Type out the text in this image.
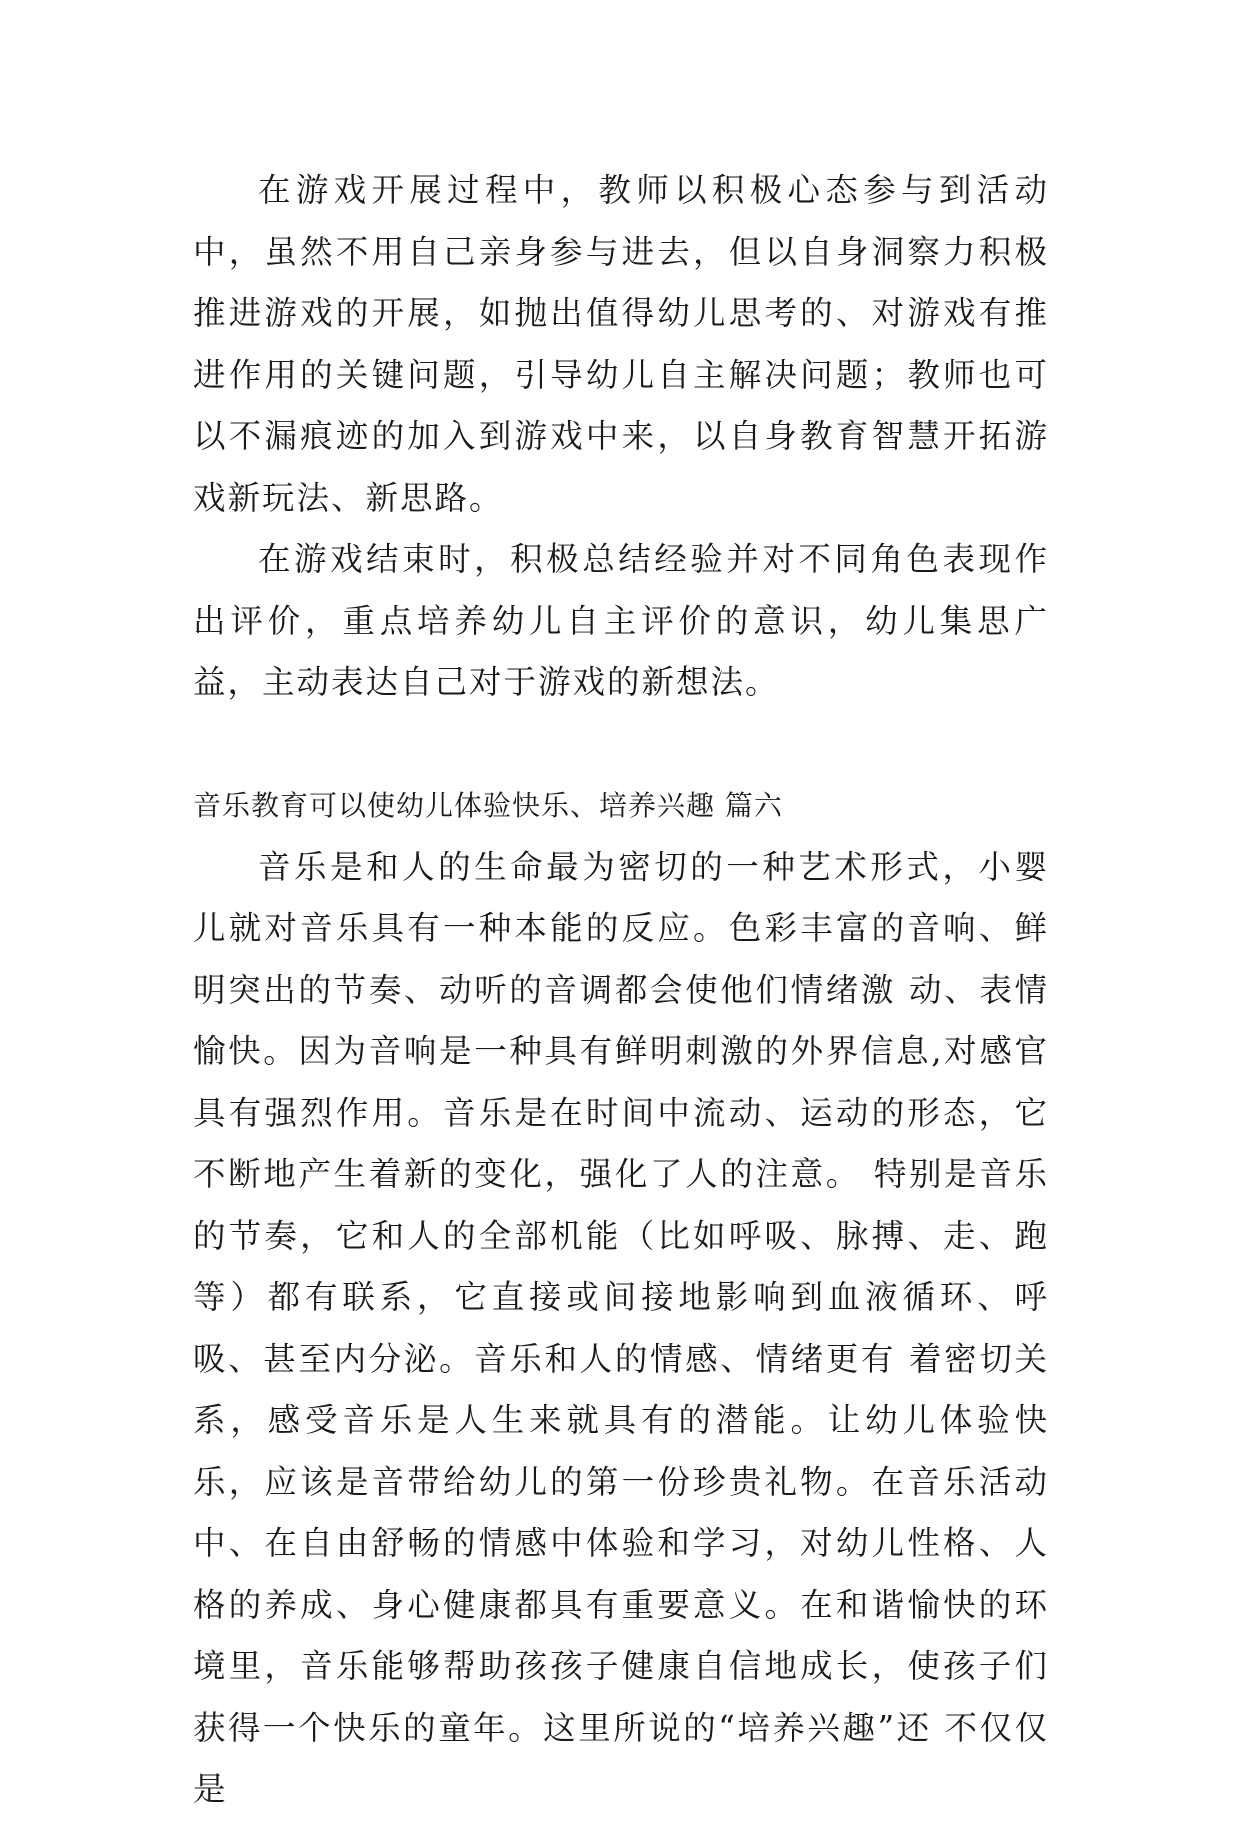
在游戏开展过程中，教师以积极心态参与到活动中，虽然不用自己亲身参与进去，但以自身洞察力积极推进游戏的开展，如抛出值得幼儿思考的、对游戏有推进作用的关键问题，引导幼儿自主解决问题；教师也可以不漏痕迹的加入到游戏中来，以自身教育智慧开拓游戏新玩法、新思路。

在游戏结束时，积极总结经验并对不同角色表现作出评价，重点培养幼儿自主评价的意识，幼儿集思广益，主动表达自己对于游戏的新想法。

音乐教育可以使幼儿体验快乐、培养兴趣 篇六

音乐是和人的生命最为密切的一种艺术形式，小婴儿就对音乐具有一种本能的反应。色彩丰富的音响、鲜明突出的节奏、动听的音调都会使他们情绪激 动、表情愉快。因为音响是一种具有鲜明刺激的外界信息,对感官具有强烈作用。音乐是在时间中流动、运动的形态，它不断地产生着新的变化，强化了人的注意。 特别是音乐的节奏，它和人的全部机能（比如呼吸、脉搏、走、跑等）都有联系，它直接或间接地影响到血液循环、呼吸、甚至内分泌。音乐和人的情感、情绪更有 着密切关系，感受音乐是人生来就具有的潜能。让幼儿体验快乐，应该是音带给幼儿的第一份珍贵礼物。在音乐活动中、在自由舒畅的情感中体验和学习，对幼儿性格、人格的养成、身心健康都具有重要意义。在和谐愉快的环境里，音乐能够帮助孩孩子健康自信地成长，使孩子们获得一个快乐的童年。这里所说的“培养兴趣”还 不仅仅是
